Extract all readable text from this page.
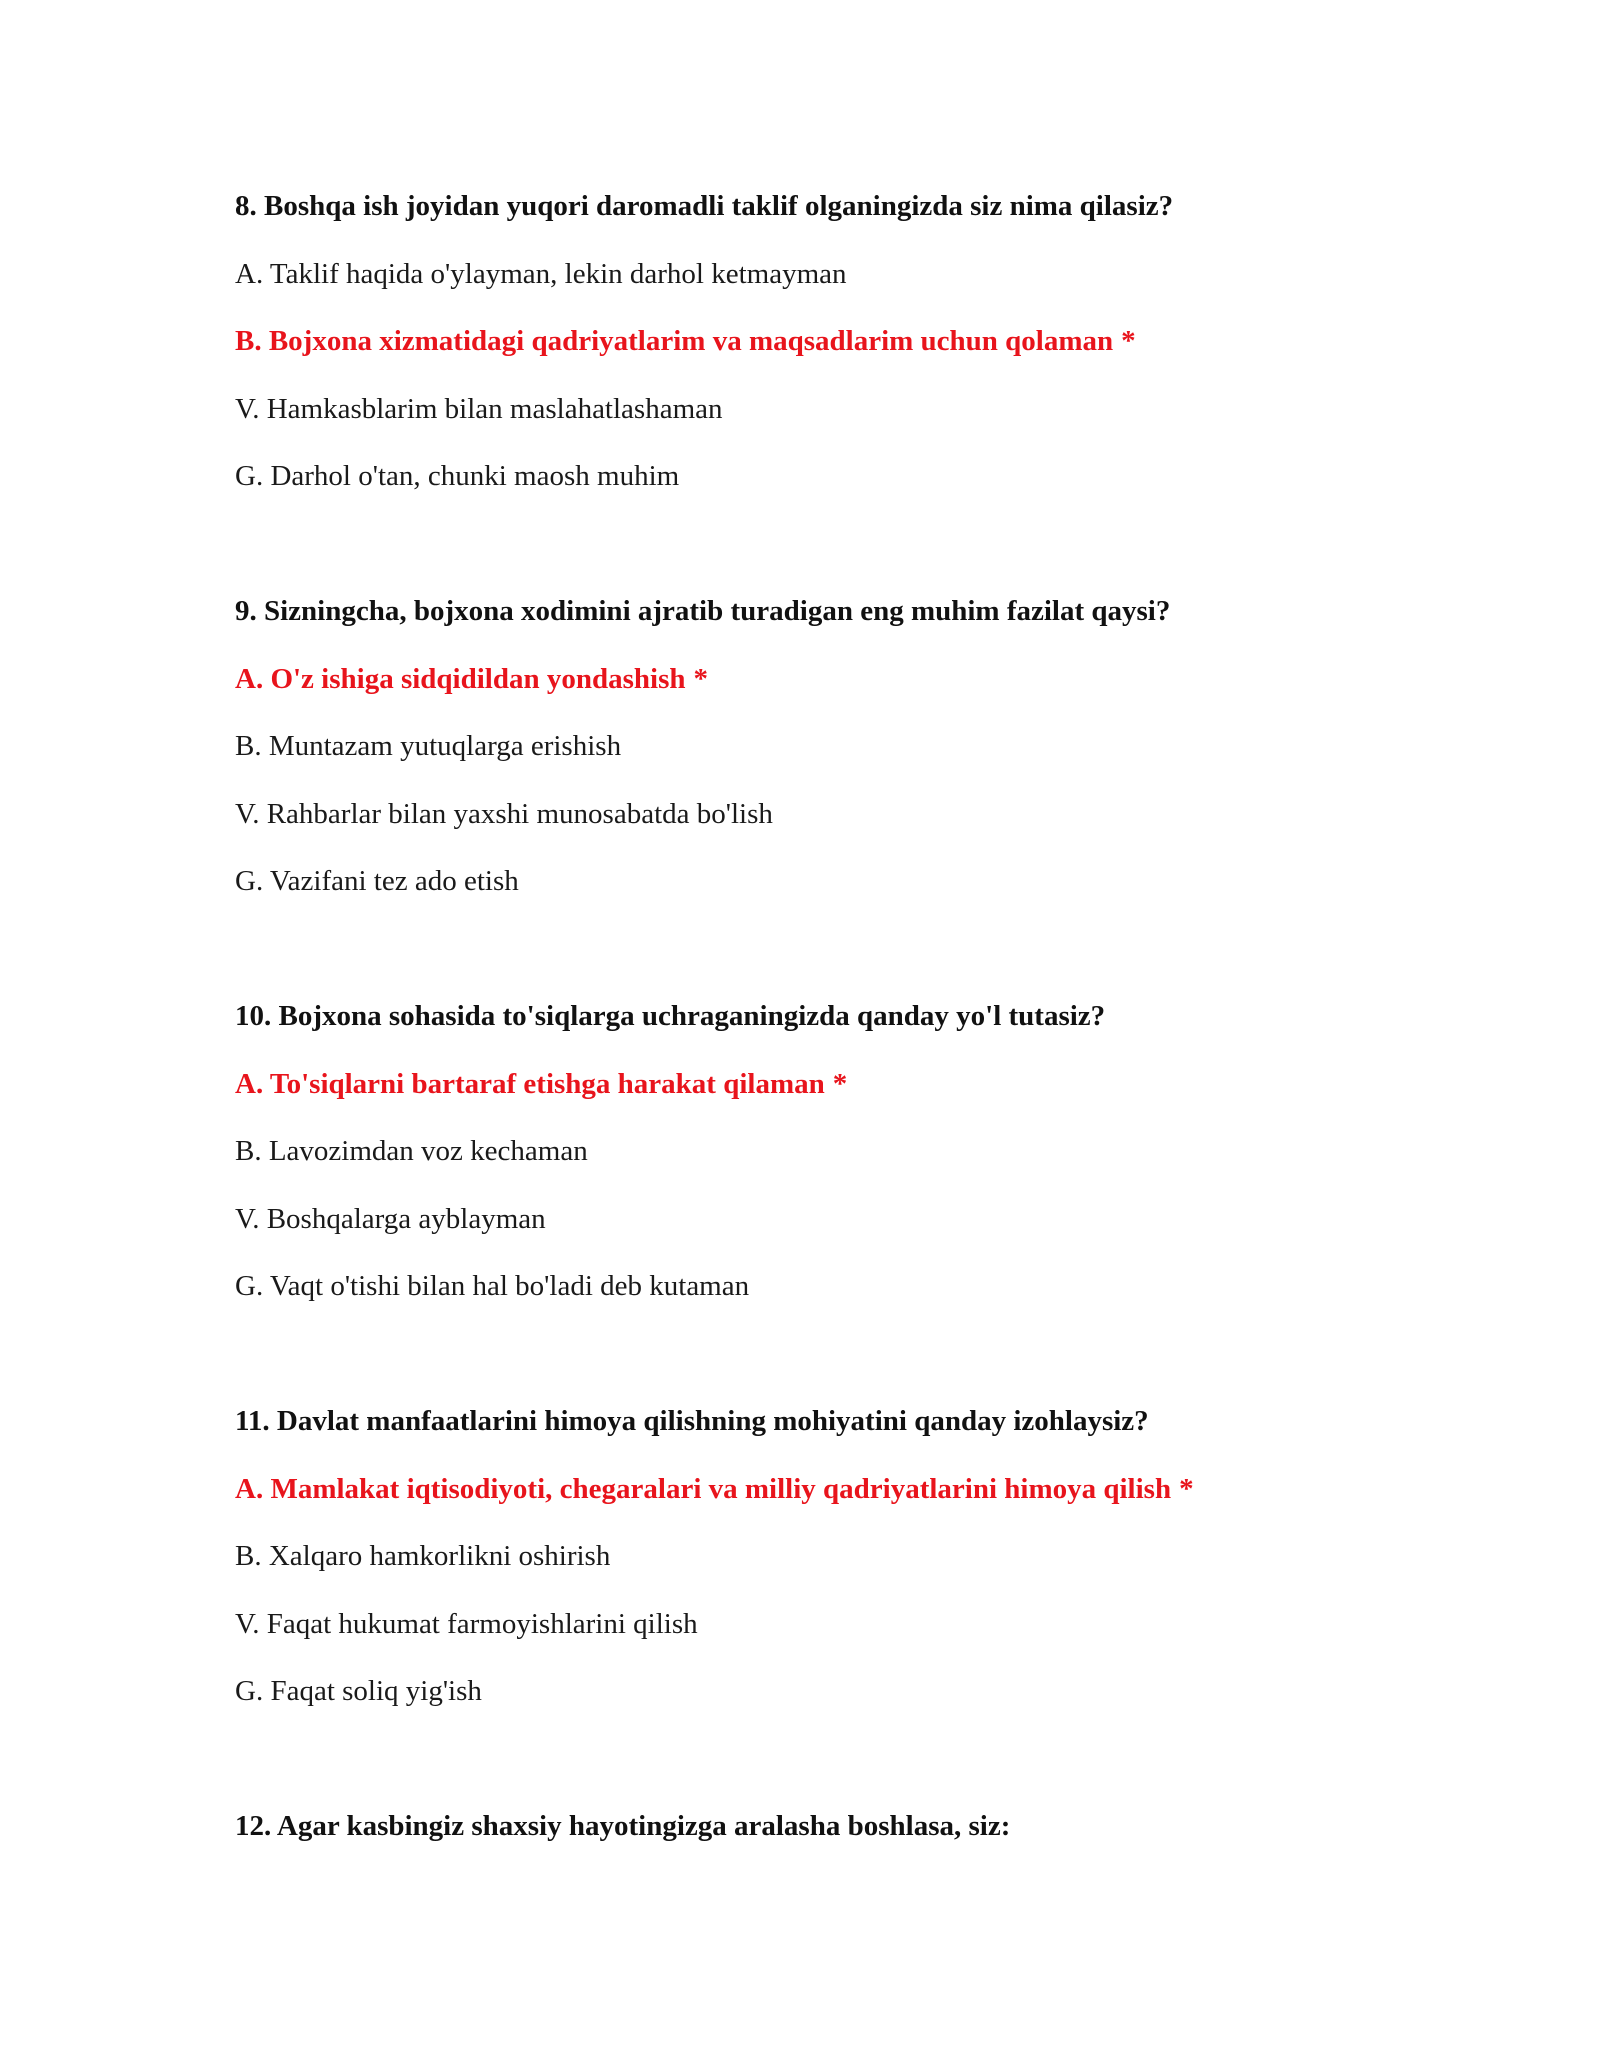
8. Boshqa ish joyidan yuqori daromadli taklif olganingizda siz nima qilasiz?

A. Taklif haqida o'ylayman, lekin darhol ketmayman

B. Bojxona xizmatidagi qadriyatlarim va maqsadlarim uchun qolaman *

V. Hamkasblarim bilan maslahatlashaman

G. Darhol o'tan, chunki maosh muhim

9. Sizningcha, bojxona xodimini ajratib turadigan eng muhim fazilat qaysi?

A. O'z ishiga sidqidildan yondashish *

B. Muntazam yutuqlarga erishish

V. Rahbarlar bilan yaxshi munosabatda bo'lish

G. Vazifani tez ado etish

10. Bojxona sohasida to'siqlarga uchraganingizda qanday yo'l tutasiz?

A. To'siqlarni bartaraf etishga harakat qilaman *

B. Lavozimdan voz kechaman

V. Boshqalarga ayblayman

G. Vaqt o'tishi bilan hal bo'ladi deb kutaman

11. Davlat manfaatlarini himoya qilishning mohiyatini qanday izohlaysiz?

A. Mamlakat iqtisodiyoti, chegaralari va milliy qadriyatlarini himoya qilish *

B. Xalqaro hamkorlikni oshirish

V. Faqat hukumat farmoyishlarini qilish

G. Faqat soliq yig'ish

12. Agar kasbingiz shaxsiy hayotingizga aralasha boshlasa, siz:
